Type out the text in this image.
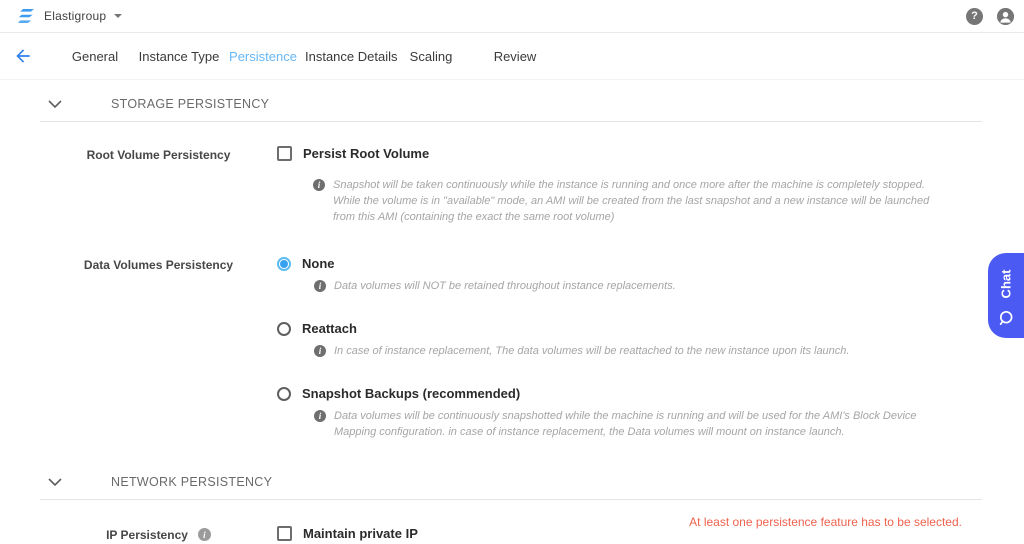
Elastigroup	?
General	Instance Type Persistence Instance Details Scaling	Review
STORAGE PERSISTENCY
Root Volume Persistency	Persist Root Volume
i	Snapshot will be taken continuously while the instance is running and once more after the machine is completely stopped. While the volume is in "available" mode, an AMI will be created from the last snapshot and a new instance will be launched from this AMI (containing the exact the same root volume)
Data Volumes Persistency	None
i	Data volumes will NOT be retained throughout instance replacements.
Reattach
i	In case of instance replacement, The data volumes will be reattached to the new instance upon its launch.
Snapshot Backups (recommended)
i	Data volumes will be continuously snapshotted while the machine is running and will be used for the AMI's Block Device Mapping configuration. in case of instance replacement, the Data volumes will mount on instance launch.
NETWORK PERSISTENCY
IP Persistency	i	Maintain private IP
At least one persistence feature has to be selected.
Chat
